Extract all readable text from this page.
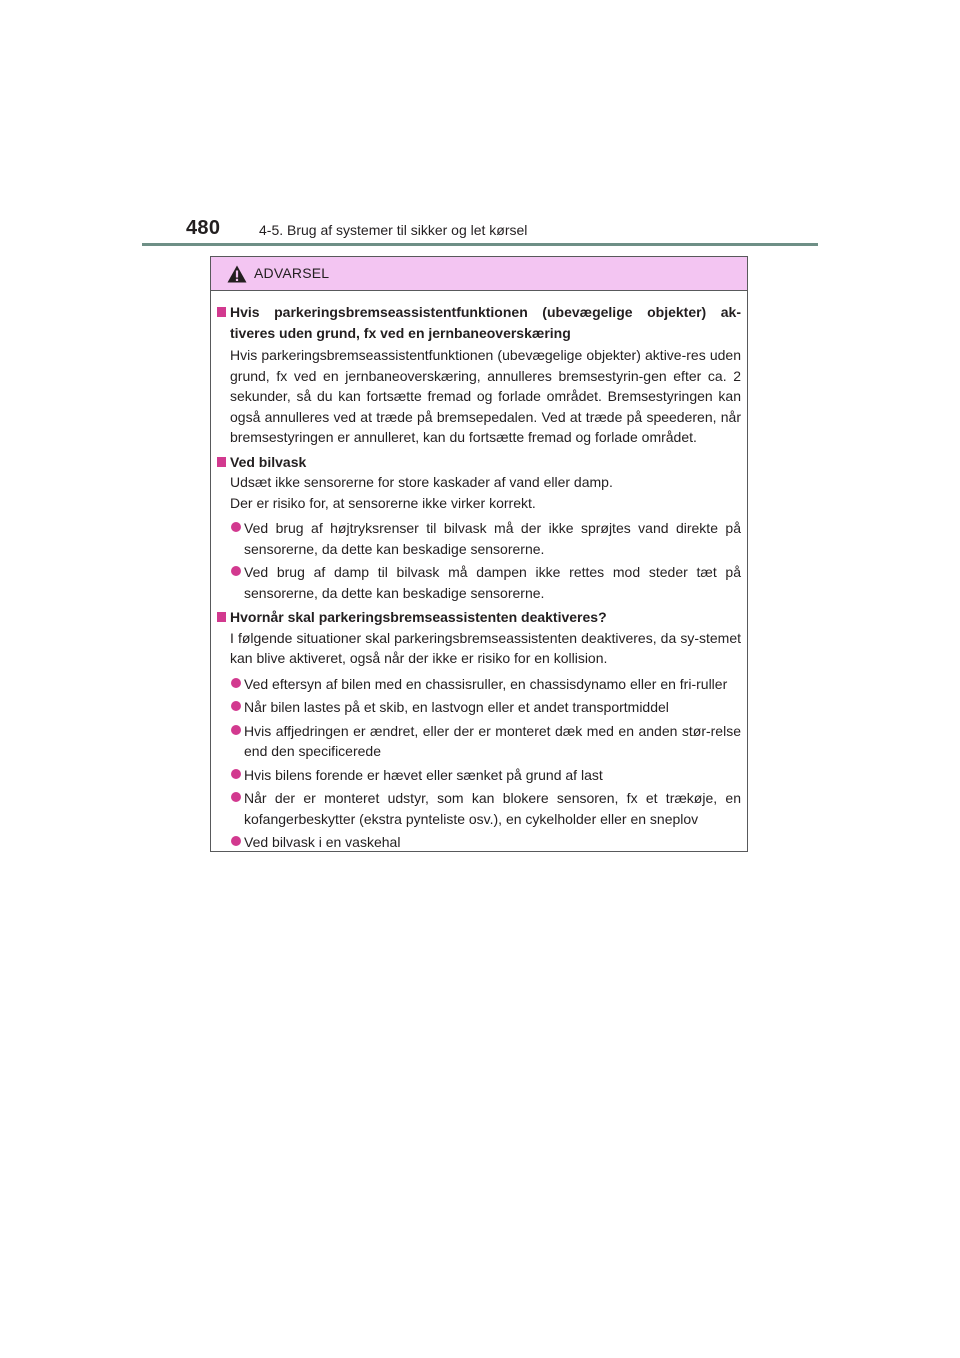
480	4-5. Brug af systemer til sikker og let kørsel
ADVARSEL
Hvis parkeringsbremseassistentfunktionen (ubevægelige objekter) ak-tiveres uden grund, fx ved en jernbaneoverskæring
Hvis parkeringsbremseassistentfunktionen (ubevægelige objekter) aktive-res uden grund, fx ved en jernbaneoverskæring, annulleres bremsestyrin-gen efter ca. 2 sekunder, så du kan fortsætte fremad og forlade området. Bremsestyringen kan også annulleres ved at træde på bremsepedalen. Ved at træde på speederen, når bremsestyringen er annulleret, kan du fortsætte fremad og forlade området.
Ved bilvask
Udsæt ikke sensorerne for store kaskader af vand eller damp.
Der er risiko for, at sensorerne ikke virker korrekt.
Ved brug af højtryksrenser til bilvask må der ikke sprøjtes vand direkte på sensorerne, da dette kan beskadige sensorerne.
Ved brug af damp til bilvask må dampen ikke rettes mod steder tæt på sensorerne, da dette kan beskadige sensorerne.
Hvornår skal parkeringsbremseassistenten deaktiveres?
I følgende situationer skal parkeringsbremseassistenten deaktiveres, da sy-stemet kan blive aktiveret, også når der ikke er risiko for en kollision.
Ved eftersyn af bilen med en chassisruller, en chassisdynamo eller en fri-ruller
Når bilen lastes på et skib, en lastvogn eller et andet transportmiddel
Hvis affjedringen er ændret, eller der er monteret dæk med en anden stør-relse end den specificerede
Hvis bilens forende er hævet eller sænket på grund af last
Når der er monteret udstyr, som kan blokere sensoren, fx et trækøje, en kofangerbeskytter (ekstra pynteliste osv.), en cykelholder eller en sneplov
Ved bilvask i en vaskehal
